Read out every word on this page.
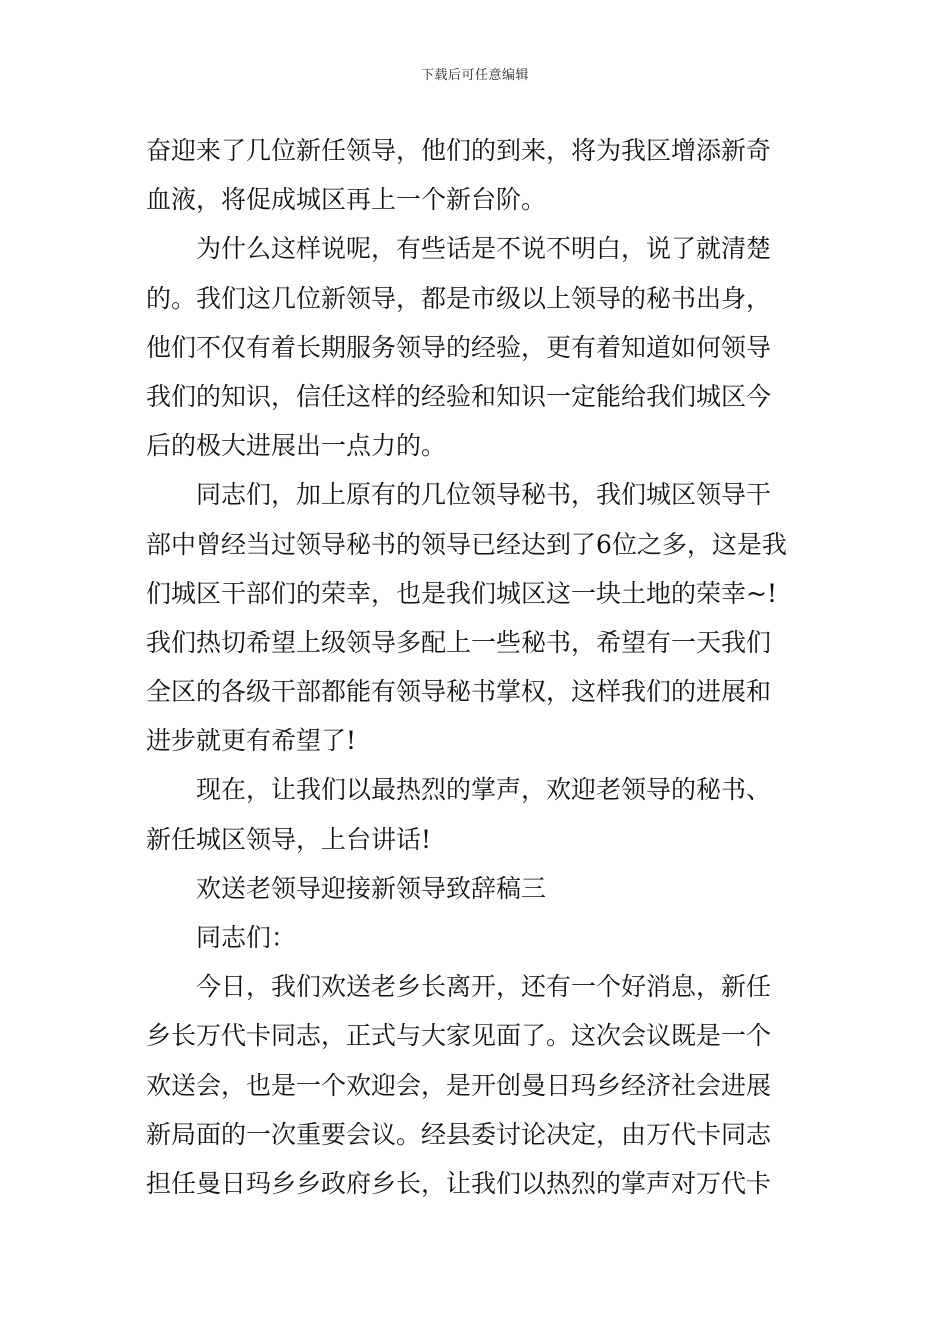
下载后可任意编辑
奋迎来了几位新任领导，他们的到来，将为我区增添新奇
血液，将促成城区再上一个新台阶。
为什么这样说呢，有些话是不说不明白，说了就清楚
的。我们这几位新领导，都是市级以上领导的秘书出身，
他们不仅有着长期服务领导的经验，更有着知道如何领导
我们的知识，信任这样的经验和知识一定能给我们城区今
后的极大进展出一点力的。
同志们，加上原有的几位领导秘书，我们城区领导干
部中曾经当过领导秘书的领导已经达到了6位之多，这是我
们城区干部们的荣幸，也是我们城区这一块土地的荣幸~!
我们热切希望上级领导多配上一些秘书，希望有一天我们
全区的各级干部都能有领导秘书掌权，这样我们的进展和
进步就更有希望了!
现在，让我们以最热烈的掌声，欢迎老领导的秘书、
新任城区领导，上台讲话!
欢送老领导迎接新领导致辞稿三
同志们：
今日，我们欢送老乡长离开，还有一个好消息，新任
乡长万代卡同志，正式与大家见面了。这次会议既是一个
欢送会，也是一个欢迎会，是开创曼日玛乡经济社会进展
新局面的一次重要会议。经县委讨论决定，由万代卡同志
担任曼日玛乡乡政府乡长，让我们以热烈的掌声对万代卡
